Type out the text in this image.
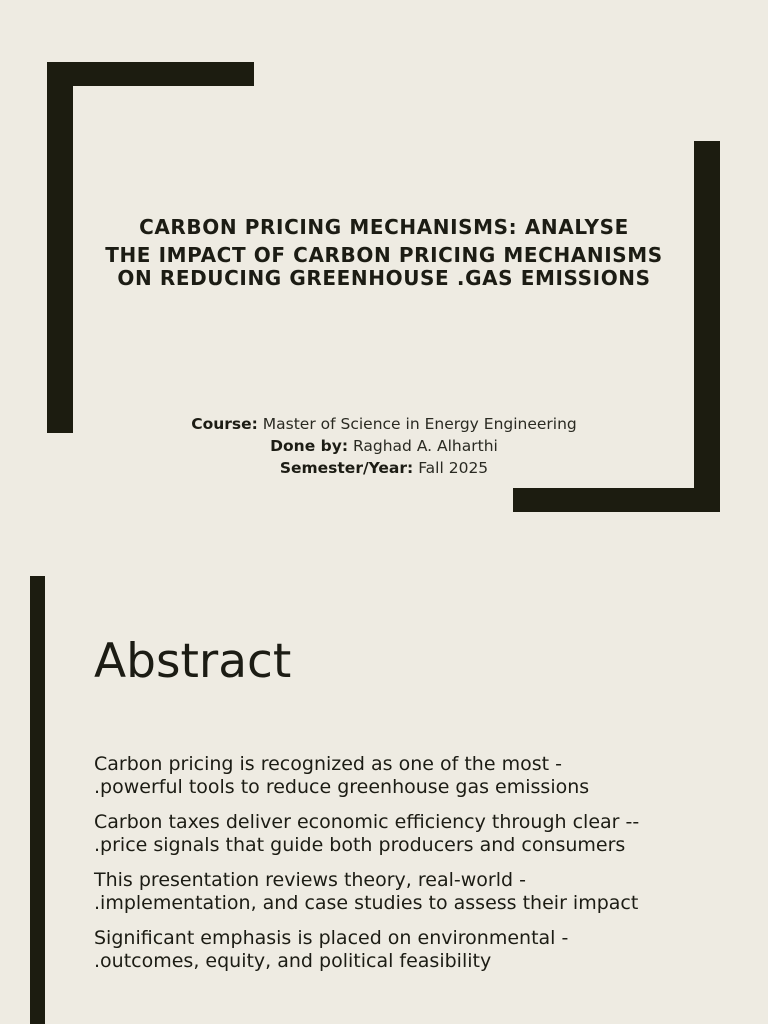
CARBON PRICING MECHANISMS: ANALYSE
THE IMPACT OF CARBON PRICING MECHANISMS ON REDUCING GREENHOUSE .GAS EMISSIONS
Course: Master of Science in Energy Engineering
Done by: Raghad A. Alharthi
Semester/Year: Fall 2025
Abstract
Carbon pricing is recognized as one of the most -
.powerful tools to reduce greenhouse gas emissions
Carbon taxes deliver economic efficiency through clear --
.price signals that guide both producers and consumers
This presentation reviews theory, real-world -
.implementation, and case studies to assess their impact
Significant emphasis is placed on environmental -
.outcomes, equity, and political feasibility
